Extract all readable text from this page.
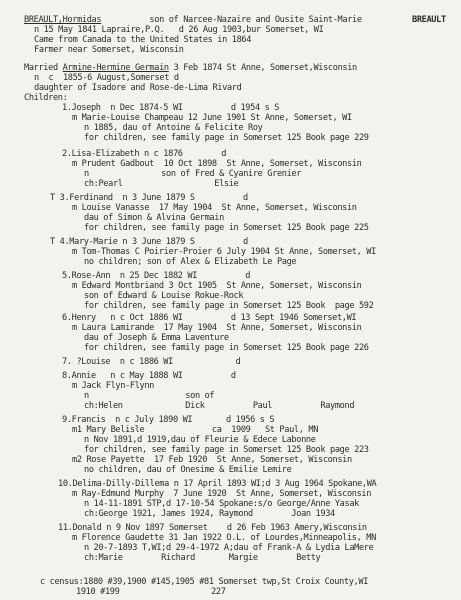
BREAULT
BREAULT,Hormidas          son of Narcee-Nazaire and Ousite Saint-Marie
n 15 May 1841 Lapraire,P.Q.   d 26 Aug 1903,bur Somerset, WI
Came from Canada to the United States in 1864
Farmer near Somerset, Wisconsin
Married Armine-Hermine Germain 3 Feb 1874 St Anne, Somerset,Wisconsin
n  c  1855-6 August,Somerset d
daughter of Isadore and Rose-de-Lima Rivard
Children:
1.Joseph  n Dec 1874-5 WI          d 1954 s S
m Marie-Louise Champeau 12 June 1901 St Anne, Somerset, WI
n 1885, dau of Antoine & Felicite Roy
for children, see family page in Somerset 125 Book page 229
2.Lisa-Elizabeth n c 1876        d
m Prudent Gadbout  10 Oct 1898  St Anne, Somerset, Wisconsin
n               son of Fred & Cyanire Grenier
ch:Pearl                   Elsie
T 3.Ferdinand  n 3 June 1879 S          d
m Louise Vanasse  17 May 1904  St Anne, Somerset, Wisconsin
dau of Simon & Alvina Germain
for children, see family page in Somerset 125 Book page 225
T 4.Mary-Marie n 3 June 1879 S          d
m Tom-Thomas C Poirier-Proier 6 July 1904 St Anne, Somerset, WI
no children; son of Alex & Elizabeth Le Page
5.Rose-Ann  n 25 Dec 1882 WI          d
m Edward Montbriand 3 Oct 1905  St Anne, Somerset, Wisconsin
son of Edward & Louise Rokue-Rock
for children, see family page in Somerset 125 Book  page 592
6.Henry   n c Oct 1886 WI          d 13 Sept 1946 Somerset,WI
m Laura Lamirande  17 May 1904  St Anne, Somerset, Wisconsin
dau of Joseph & Emma Laventure
for children, see family page in Somerset 125 Book page 226
7. ?Louise  n c 1886 WI             d
8.Annie   n c May 1888 WI          d
m Jack Flyn-Flynn
n                    son of
ch:Helen             Dick          Paul          Raymond
9.Francis  n c July 1890 WI       d 1956 s S
m1 Mary Belisle              ca  1909   St Paul, MN
n Nov 1891,d 1919,dau of Fleurie & Edece Labonne
for children, see family page in Somerset 125 Book page 223
m2 Rose Payette  17 Feb 1920  St Anne, Somerset, Wisconsin
no children, dau of Onesime & Emilie Lemire
10.Delima-Dilly-Dillema n 17 April 1893 WI;d 3 Aug 1964 Spokane,WA
m Ray-Edmund Murphy  7 June 1920  St Anne, Somerset, Wisconsin
n 14-11-1891 STP,d 17-10-54 Spokane:s/o George/Anne Yasak
ch:George 1921, James 1924, Raymond        Joan 1934
11.Donald n 9 Nov 1897 Somerset    d 26 Feb 1963 Amery,Wisconsin
m Florence Gaudette 31 Jan 1922 O.L. of Lourdes,Minneapolis, MN
n 20-7-1893 T,WI;d 29-4-1972 A;dau of Frank-A & Lydia LaMere
ch:Marie        Richard       Margie        Betty
c census:1880 #39,1900 #145,1905 #81 Somerset twp,St Croix County,WI
1910 #199                   227
